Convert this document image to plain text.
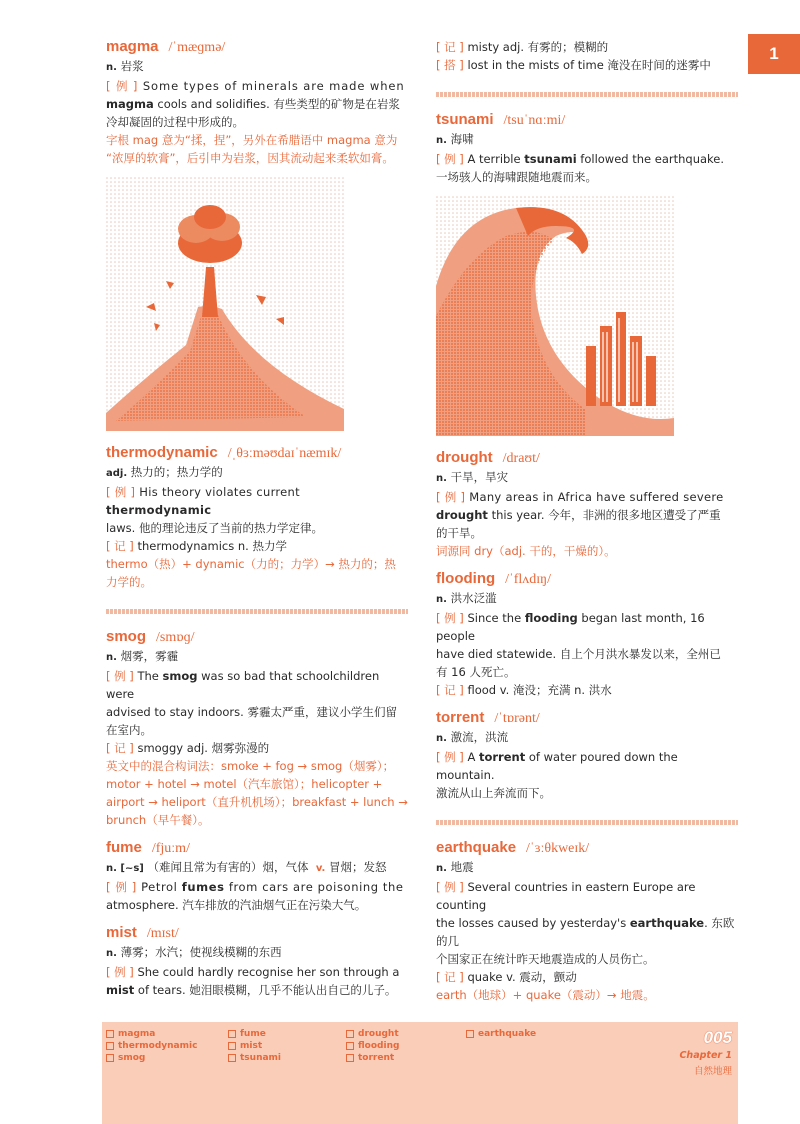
1
magma /ˈmæɡmə/

n. 岩浆

[ 例 ] Some types of minerals are made when

magma cools and solidifies. 有些类型的矿物是在岩浆

冷却凝固的过程中形成的。

字根 mag 意为“揉，捏”，另外在希腊语中 magma 意为

“浓厚的软膏”，后引申为岩浆，因其流动起来柔软如膏。

thermodynamic /ˌθɜːməʊdaɪˈnæmɪk/

adj. 热力的；热力学的

[ 例 ] His theory violates current thermodynamic

laws. 他的理论违反了当前的热力学定律。

[ 记 ] thermodynamics n. 热力学

thermo（热）+ dynamic（力的；力学）→ 热力的；热

力学的。

smog /smɒɡ/

n. 烟雾，雾霾

[ 例 ] The smog was so bad that schoolchildren were

advised to stay indoors. 雾霾太严重，建议小学生们留

在室内。

[ 记 ] smoggy adj. 烟雾弥漫的

英文中的混合构词法：smoke + fog → smog（烟雾）；

motor + hotel → motel（汽车旅馆）；helicopter +

airport → heliport（直升机机场）；breakfast + lunch →

brunch（早午餐）。

fume /fjuːm/

n. [~s] （难闻且常为有害的）烟，气体 v. 冒烟；发怒

[ 例 ] Petrol fumes from cars are poisoning the

atmosphere. 汽车排放的汽油烟气正在污染大气。

mist /mɪst/

n. 薄雾；水汽；使视线模糊的东西

[ 例 ] She could hardly recognise her son through a

mist of tears. 她泪眼模糊，几乎不能认出自己的儿子。

[ 记 ] misty adj. 有雾的；模糊的

[ 搭 ] lost in the mists of time 淹没在时间的迷雾中

tsunami /tsuˈnɑːmi/

n. 海啸

[ 例 ] A terrible tsunami followed the earthquake.

一场骇人的海啸跟随地震而来。

drought /draʊt/

n. 干旱，旱灾

[ 例 ] Many areas in Africa have suffered severe

drought this year. 今年，非洲的很多地区遭受了严重

的干旱。

词源同 dry（adj. 干的，干燥的）。

flooding /ˈflʌdɪŋ/

n. 洪水泛滥

[ 例 ] Since the flooding began last month, 16 people

have died statewide. 自上个月洪水暴发以来，全州已

有 16 人死亡。

[ 记 ] flood v. 淹没；充满 n. 洪水

torrent /ˈtɒrənt/

n. 激流，洪流

[ 例 ] A torrent of water poured down the mountain.

激流从山上奔流而下。

earthquake /ˈɜːθkweɪk/

n. 地震

[ 例 ] Several countries in eastern Europe are counting

the losses caused by yesterday's earthquake. 东欧的几

个国家正在统计昨天地震造成的人员伤亡。

[ 记 ] quake v. 震动，颤动

earth（地球）+ quake（震动）→ 地震。

magma
thermodynamic
smog
fume
mist
tsunami
drought
flooding
torrent
earthquake	005
Chapter 1
自然地理
